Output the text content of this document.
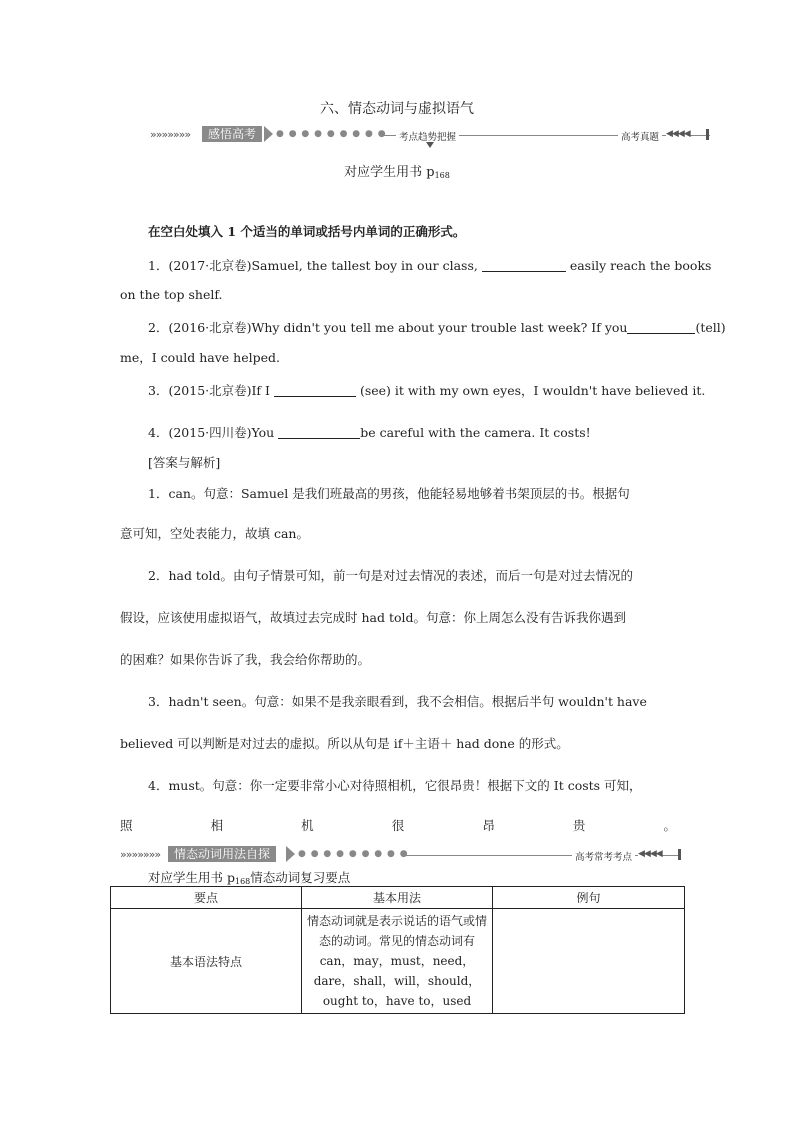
六、情态动词与虚拟语气
»»»»»»»	感悟高考	● ● ● ● ● ● ● ● ●	考点趋势把握	高考真题 ◀◀◀◀
对应学生用书 $p_{168}$
在空白处填入 1 个适当的单词或括号内单词的正确形式。
1．(2017·北京卷)Samuel, the tallest boy in our class,	easily reach the books
on the top shelf.
2．(2016·北京卷)Why didn't you tell me about your trouble last week? If you	(tell)
me，I could have helped.
3．(2015·北京卷)If I	(see) it with my own eyes，I wouldn't have believed it.
4．(2015·四川卷)You	be careful with the camera. It costs!
[答案与解析]
1．can。句意：Samuel 是我们班最高的男孩，他能轻易地够着书架顶层的书。根据句
意可知，空处表能力，故填 can。
2．had told。由句子情景可知，前一句是对过去情况的表述，而后一句是对过去情况的
假设，应该使用虚拟语气，故填过去完成时 had told。句意：你上周怎么没有告诉我你遇到
的困难？如果你告诉了我，我会给你帮助的。
3．hadn't seen。句意：如果不是我亲眼看到，我不会相信。根据后半句 wouldn't have
believed 可以判断是对过去的虚拟。所以从句是 if＋主语＋ had done 的形式。
4．must。句意：你一定要非常小心对待照相机，它很昂贵！根据下文的 It costs 可知，
照	相	机	很	昂	贵	。
»»»»»»»	情态动词用法自探	● ● ● ● ● ● ● ● ●	高考常考考点 ◀◀◀◀
对应学生用书 $p_{168}$情态动词复习要点
要点	基本用法	例句
基本语法特点	情态动词就是表示说话的语气或情态的动词。常见的情态动词有 can，may，must，need，dare，shall，will，should，ought to，have to，used	
